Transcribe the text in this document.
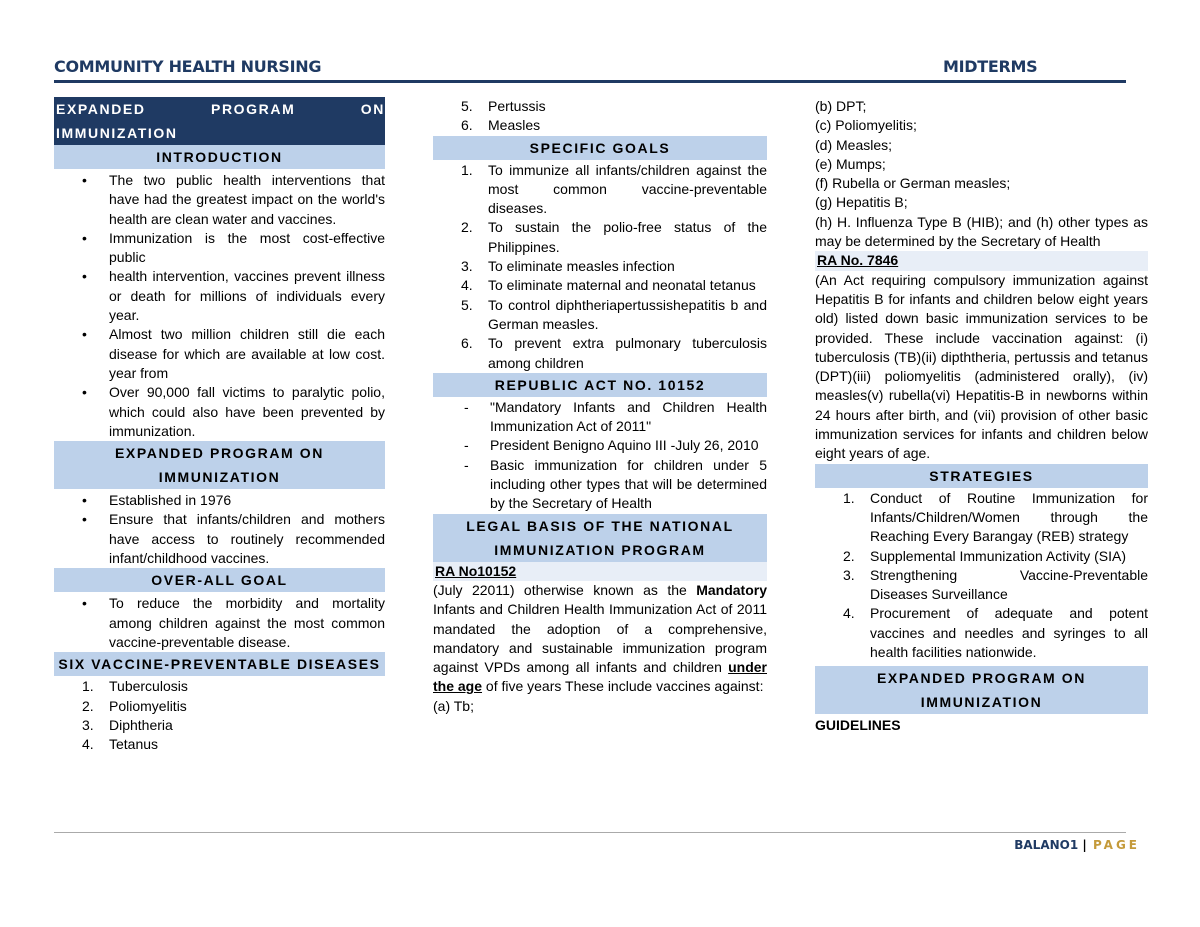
COMMUNITY HEALTH NURSING	MIDTERMS
EXPANDED	PROGRAM	ON
IMMUNIZATION
INTRODUCTION
• The two public health interventions that have had the greatest impact on the world's health are clean water and vaccines.
• Immunization is the most cost-effective public
• health intervention, vaccines prevent illness or death for millions of individuals every year.
• Almost two million children still die each disease for which are available at low cost. year from
• Over 90,000 fall victims to paralytic polio, which could also have been prevented by immunization.
EXPANDED PROGRAM ON IMMUNIZATION
• Established in 1976
• Ensure that infants/children and mothers have access to routinely recommended infant/childhood vaccines.
OVER-ALL GOAL
• To reduce the morbidity and mortality among children against the most common vaccine-preventable disease.
SIX VACCINE-PREVENTABLE DISEASES
1. Tuberculosis
2. Poliomyelitis
3. Diphtheria
4. Tetanus
5. Pertussis
6. Measles
SPECIFIC GOALS
1. To immunize all infants/children against the most common vaccine-preventable diseases.
2. To sustain the polio-free status of the Philippines.
3. To eliminate measles infection
4. To eliminate maternal and neonatal tetanus
5. To control diphtheriapertussishepatitis b and German measles.
6. To prevent extra pulmonary tuberculosis among children
REPUBLIC ACT NO. 10152
- "Mandatory Infants and Children Health Immunization Act of 2011"
- President Benigno Aquino III -July 26, 2010
- Basic immunization for children under 5 including other types that will be determined by the Secretary of Health
LEGAL BASIS OF THE NATIONAL IMMUNIZATION PROGRAM
RA No10152
(July 22011) otherwise known as the Mandatory Infants and Children Health Immunization Act of 2011 mandated the adoption of a comprehensive, mandatory and sustainable immunization program against VPDs among all infants and children under the age of five years These include vaccines against:
(a) Tb;
(b) DPT;
(c) Poliomyelitis;
(d) Measles;
(e) Mumps;
(f) Rubella or German measles;
(g) Hepatitis B;
(h) H. Influenza Type B (HIB); and (h) other types as may be determined by the Secretary of Health
RA No. 7846
(An Act requiring compulsory immunization against Hepatitis B for infants and children below eight years old) listed down basic immunization services to be provided. These include vaccination against: (i) tuberculosis (TB)(ii) dipththeria, pertussis and tetanus (DPT)(iii) poliomyelitis (administered orally), (iv) measles(v) rubella(vi) Hepatitis-B in newborns within 24 hours after birth, and (vii) provision of other basic immunization services for infants and children below eight years of age.
STRATEGIES
1. Conduct of Routine Immunization for Infants/Children/Women through the Reaching Every Barangay (REB) strategy
2. Supplemental Immunization Activity (SIA)
3. Strengthening Vaccine-Preventable Diseases Surveillance
4. Procurement of adequate and potent vaccines and needles and syringes to all health facilities nationwide.
EXPANDED PROGRAM ON IMMUNIZATION
GUIDELINES
BALANO1 | PAGE
